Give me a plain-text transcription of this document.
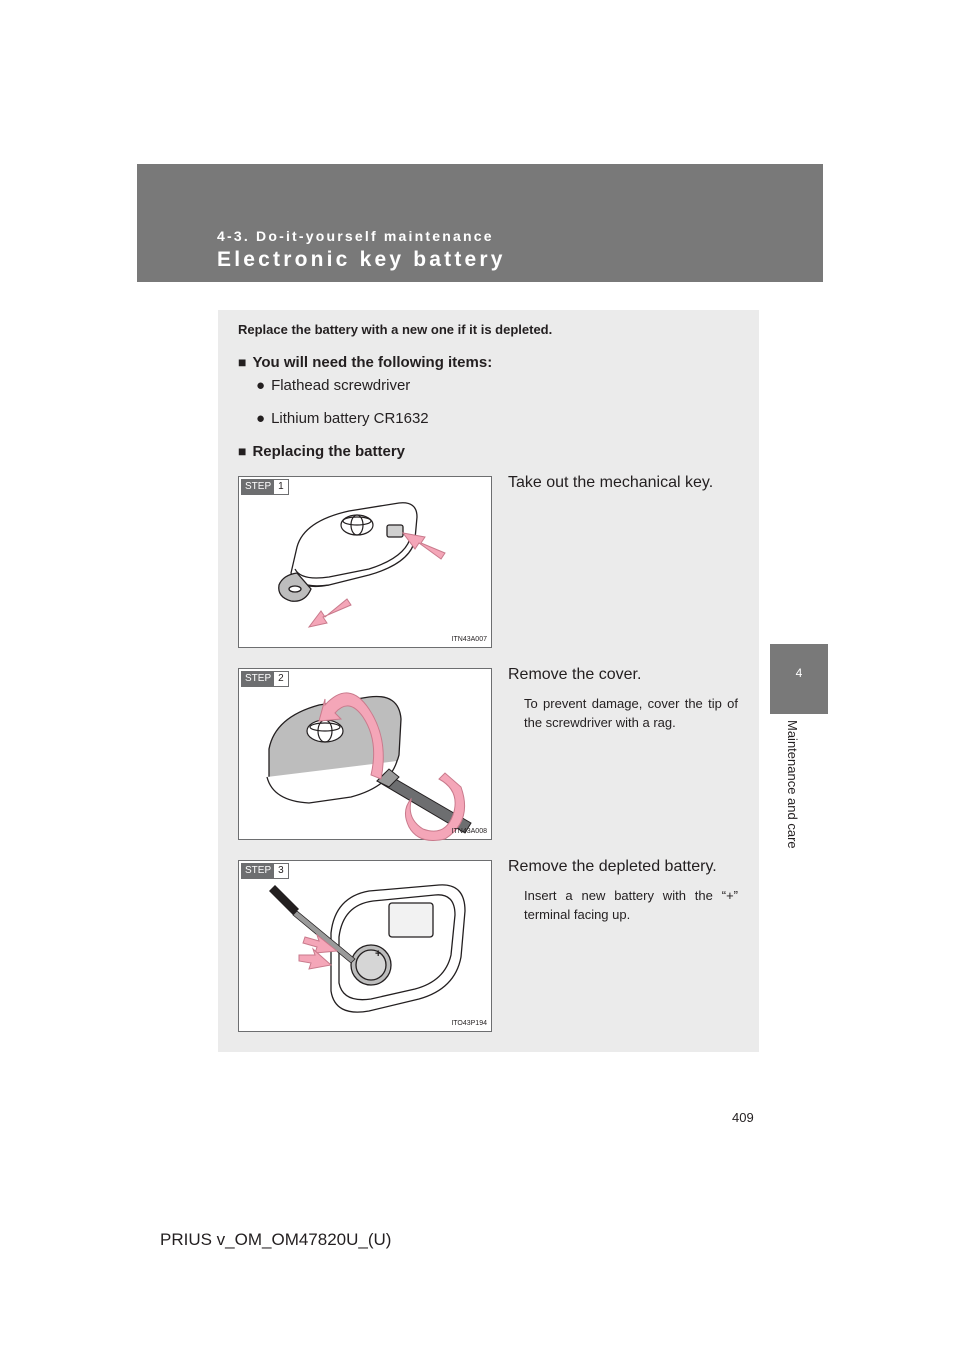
4-3. Do-it-yourself maintenance
Electronic key battery
4
Maintenance and care
Replace the battery with a new one if it is depleted.
■ You will need the following items:
● Flathead screwdriver
● Lithium battery CR1632
■ Replacing the battery
STEP 1
ITN43A007
Take out the mechanical key.
STEP 2
ITN43A008
Remove the cover.
To prevent damage, cover the tip of the screwdriver with a rag.
+
STEP 3
ITO43P194
Remove the depleted battery.
Insert a new battery with the “+” terminal facing up.
409
PRIUS v_OM_OM47820U_(U)
